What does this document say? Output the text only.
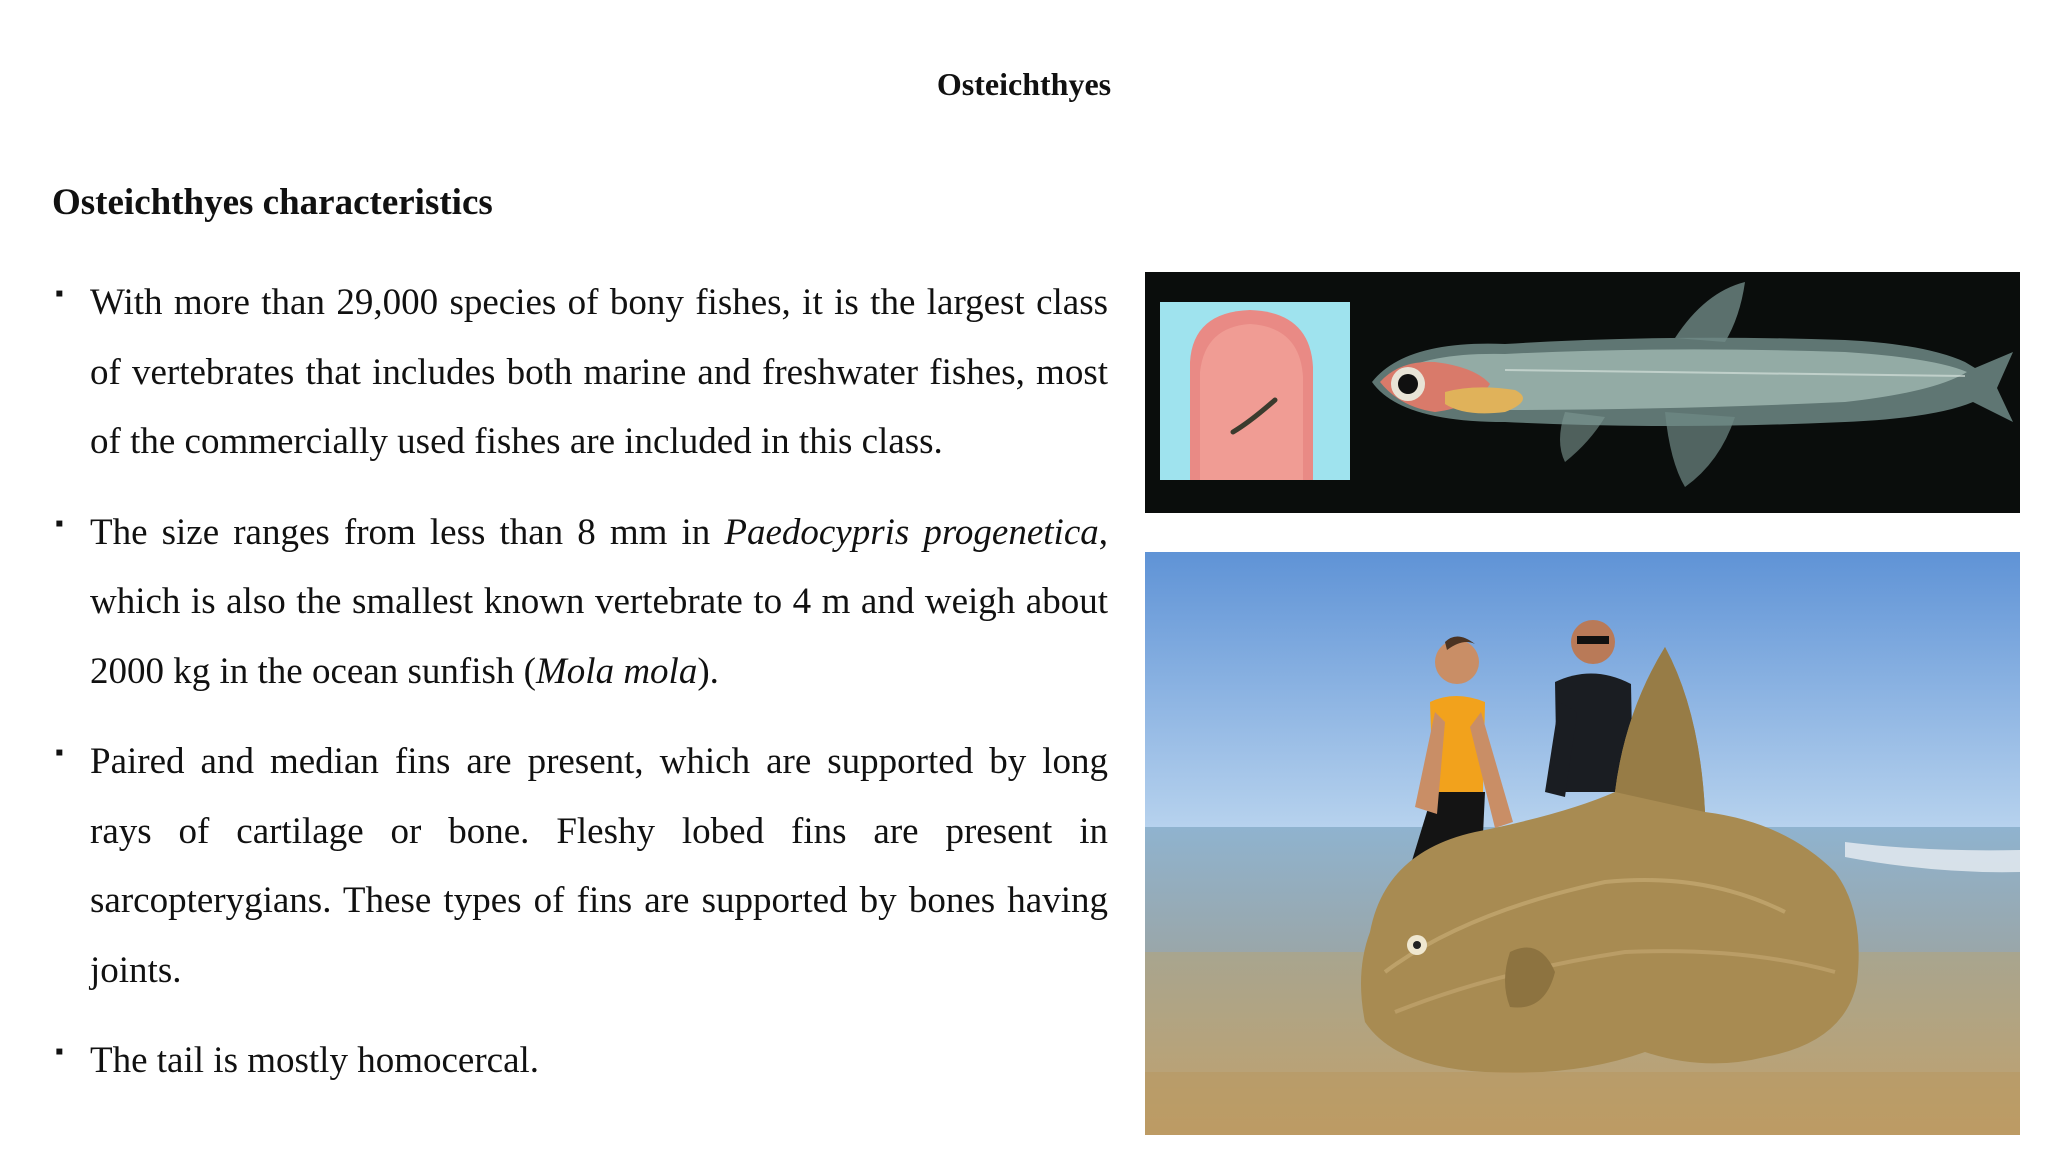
Osteichthyes
Osteichthyes characteristics
▪ With more than 29,000 species of bony fishes, it is the largest class of vertebrates that includes both marine and freshwater fishes, most of the commercially used fishes are included in this class.
▪ The size ranges from less than 8 mm in Paedocypris progenetica, which is also the smallest known vertebrate to 4 m and weigh about 2000 kg in the ocean sunfish (Mola mola).
▪ Paired and median fins are present, which are supported by long rays of cartilage or bone. Fleshy lobed fins are present in sarcopterygians. These types of fins are supported by bones having joints.
▪ The tail is mostly homocercal.
